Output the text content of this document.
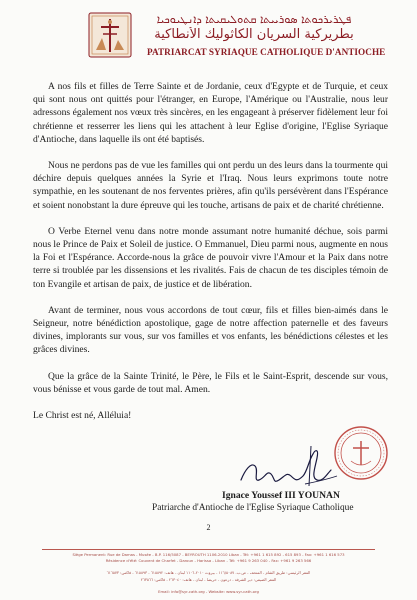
ܦܛܪܝܪܟܘܬܐ ܣܘܪܝܝܬܐ ܩܬܘܠܝܩܝܬܐ ܕܐܢܛܝܘܟܝܐ
بطريركية السريان الكاثوليك الأنطاكية
PATRIARCAT SYRIAQUE CATHOLIQUE D'ANTIOCHE

A nos fils et filles de Terre Sainte et de Jordanie, ceux d'Egypte et de Turquie, et ceux qui sont nous ont quittés pour l'étranger, en Europe, l'Amérique ou l'Australie, nous leur adressons également nos vœux très sincères, en les engageant à préserver fidèlement leur foi chrétienne et resserrer les liens qui les attachent à leur Eglise d'origine, l'Eglise Syriaque d'Antioche, dans laquelle ils ont été baptisés.

Nous ne perdons pas de vue les familles qui ont perdu un des leurs dans la tourmente qui déchire depuis quelques années la Syrie et l'Iraq. Nous leurs exprimons toute notre sympathie, en les soutenant de nos ferventes prières, afin qu'ils persévèrent dans l'Espérance et soient nonobstant la dure épreuve qui les touche, artisans de paix et de charité chrétienne.

O Verbe Eternel venu dans notre monde assumant notre humanité déchue, sois parmi nous le Prince de Paix et Soleil de justice. O Emmanuel, Dieu parmi nous, augmente en nous la Foi et l'Espérance. Accorde-nous la grâce de pouvoir vivre l'Amour et la Paix dans notre terre si troublée par les dissensions et les rivalités. Fais de chacun de tes disciples témoin de ton Evangile et artisan de paix, de justice et de libération.

Avant de terminer, nous vous accordons de tout cœur, fils et filles bien-aimés dans le Seigneur, notre bénédiction apostolique, gage de notre affection paternelle et des faveurs divines, implorants sur vous, sur vos familles et vos enfants, les bénédictions célestes et les grâces divines.

Que la grâce de la Sainte Trinité, le Père, le Fils et le Saint-Esprit, descende sur vous, vous bénisse et vous garde de tout mal. Amen.

Le Christ est né, Alléluia!

Ignace Youssef III YOUNAN
Patriarche d'Antioche de l'Eglise Syriaque Catholique
2
Siège Permanent: Rue de Damas - Musée - B.P. 116/5087 - BEYROUTH 1106-2010 Liban - Tél: +961 1 615 892 - 615 893 - Fax: +961 1 616 573
Résidence d'été: Couvent de Charfet - Daroun - Harissa - Liban - Tél: +961 9 263 040 - Fax: +961 9 263 566
المقر الرئيسي: طريق الشام - المتحف - ص.ب. ١١٦/٥٠٨٧ - بيروت ٢٠١٠-١١٠٦ لبنان - هاتف: ٦١٥٨٩٢ - ٦١٥٨٩٣ - فاكس: ٦١٦٥٧٣
المقر الصيفي: دير الشرفة - درعون - حريصا - لبنان - هاتف: ٢٦٣٠٤٠ - فاكس: ٢٦٣٥٦٦
Email: info@syr-cath.org - Website: www.syr-cath.org
